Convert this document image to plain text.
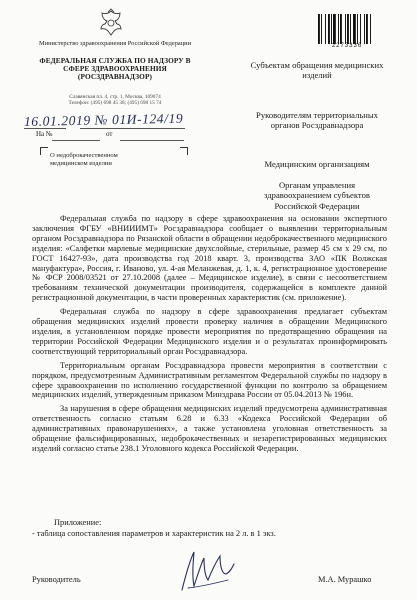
Министерство здравоохранения Российской Федерации
ФЕДЕРАЛЬНАЯ СЛУЖБА ПО НАДЗОРУ В СФЕРЕ ЗДРАВООХРАНЕНИЯ (РОСЗДРАВНАДЗОР)
Славянская пл. 4, стр. 1, Москва, 109074
Телефон: (495) 698 45 38; (495) 698 15 74
16.01.2019 № 01И-124/19
На №	от
О недоброкачественном
медицинском изделии
2273336
Субъектам обращения медицинских изделий
Руководителям территориальных органов Росздравнадзора
Медицинским организациям
Органам управления здравоохранением субъектов Российской Федерации

Федеральная служба по надзору в сфере здравоохранения на основании экспертного заключения ФГБУ «ВНИИИМТ» Росздравнадзора сообщает о выявлении территориальным органом Росздравнадзора по Рязанской области в обращении недоброкачественного медицинского изделия: «Салфетки марлевые медицинские двухслойные, стерильные, размер 45 см х 29 см, по ГОСТ 16427-93», дата производства год 2018 кварт. 3, производства ЗАО «ПК Волжская мануфактура», Россия, г. Иваново, ул. 4-ая Меланжевая, д. 1, к. 4, регистрационное удостоверение № ФСР 2008/03521 от 27.10.2008 (далее – Медицинское изделие), в связи с несоответствием требованиям технической документации производителя, содержащейся в комплекте данной регистрационной документации, в части проверенных характеристик (см. приложение).

Федеральная служба по надзору в сфере здравоохранения предлагает субъектам обращения медицинских изделий провести проверку наличия в обращении Медицинского изделия, в установленном порядке провести мероприятия по предотвращению обращения на территории Российской Федерации Медицинского изделия и о результатах проинформировать соответствующий территориальный орган Росздравнадзора.

Территориальным органам Росздравнадзора провести мероприятия в соответствии с порядком, предусмотренным Административным регламентом Федеральной службы по надзору в сфере здравоохранения по исполнению государственной функции по контролю за обращением медицинских изделий, утвержденным приказом Минздрава России от 05.04.2013 № 196н.

За нарушения в сфере обращения медицинских изделий предусмотрена административная ответственность согласно статьям 6.28 и 6.33 «Кодекса Российской Федерации об административных правонарушениях», а также установлена уголовная ответственность за обращение фальсифицированных, недоброкачественных и незарегистрированных медицинских изделий согласно статье 238.1 Уголовного кодекса Российской Федерации.

Приложение:
- таблица сопоставления параметров и характеристик на 2 л. в 1 экз.
Руководитель	М.А. Мурашко
